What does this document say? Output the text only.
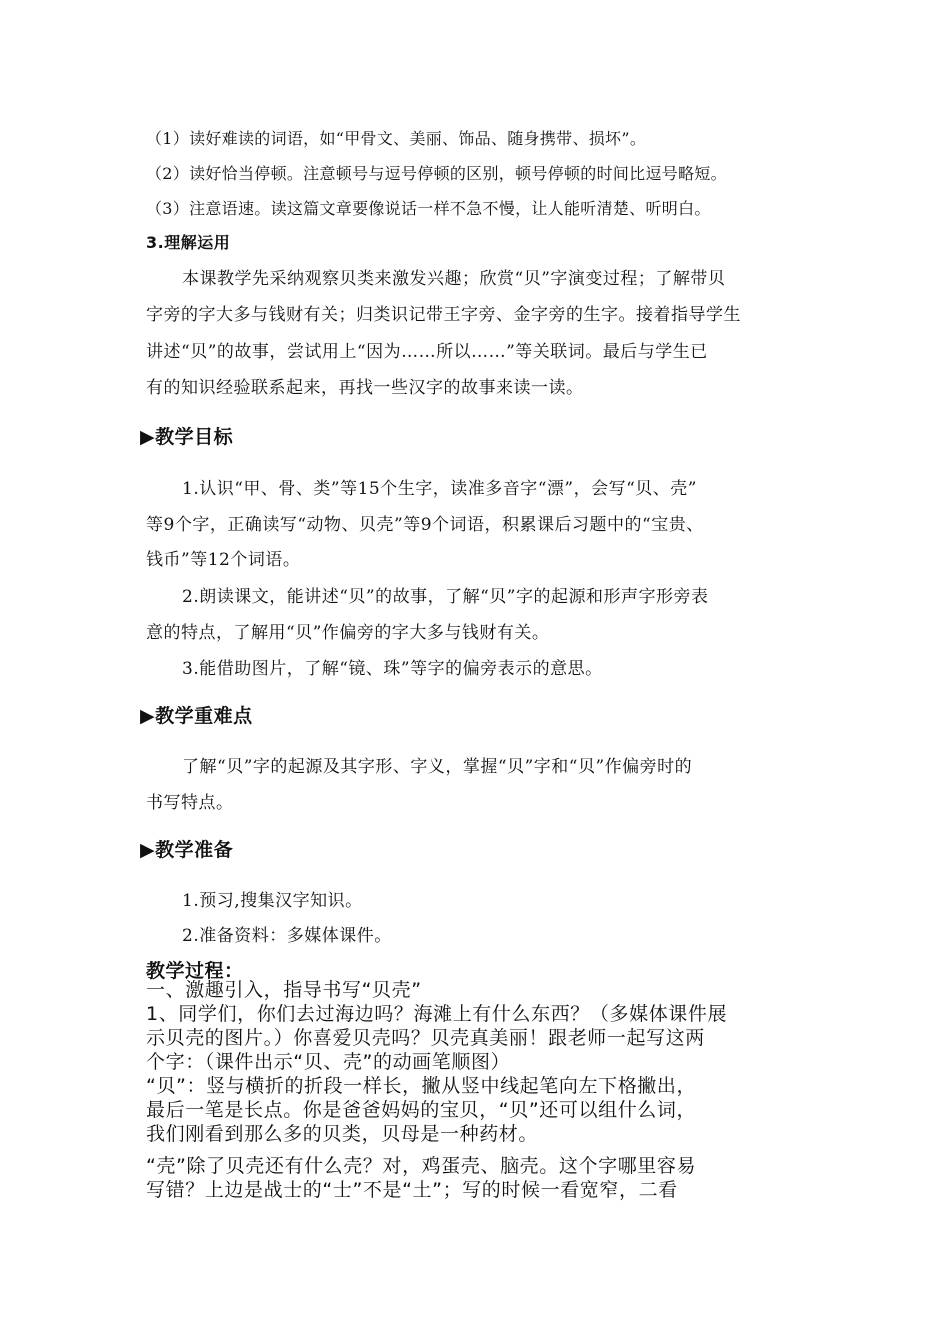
（1）读好难读的词语，如“甲骨文、美丽、饰品、随身携带、损坏”。
（2）读好恰当停顿。注意顿号与逗号停顿的区别，顿号停顿的时间比逗号略短。
（3）注意语速。读这篇文章要像说话一样不急不慢，让人能听清楚、听明白。
3.理解运用
本课教学先采纳观察贝类来激发兴趣；欣赏“贝”字演变过程；了解带贝
字旁的字大多与钱财有关；归类识记带王字旁、金字旁的生字。接着指导学生
讲述“贝”的故事，尝试用上“因为……所以……”等关联词。最后与学生已
有的知识经验联系起来，再找一些汉字的故事来读一读。
▶教学目标
1.认识“甲、骨、类”等15个生字，读准多音字“漂”，会写“贝、壳”
等9个字，正确读写“动物、贝壳”等9个词语，积累课后习题中的“宝贵、
钱币”等12个词语。
2.朗读课文，能讲述“贝”的故事，了解“贝”字的起源和形声字形旁表
意的特点，了解用“贝”作偏旁的字大多与钱财有关。
3.能借助图片，了解“镜、珠”等字的偏旁表示的意思。
▶教学重难点
了解“贝”字的起源及其字形、字义，掌握“贝”字和“贝”作偏旁时的
书写特点。
▶教学准备
1.预习,搜集汉字知识。
2.准备资料：多媒体课件。
教学过程：
一、激趣引入，指导书写“贝壳”
1、同学们，你们去过海边吗？海滩上有什么东西？（多媒体课件展
示贝壳的图片。）你喜爱贝壳吗？贝壳真美丽！跟老师一起写这两
个字：（课件出示“贝、壳”的动画笔顺图）
“贝”：竖与横折的折段一样长，撇从竖中线起笔向左下格撇出，
最后一笔是长点。你是爸爸妈妈的宝贝，“贝”还可以组什么词，
我们刚看到那么多的贝类，贝母是一种药材。
“壳”除了贝壳还有什么壳？对，鸡蛋壳、脑壳。这个字哪里容易
写错？上边是战士的“士”不是“土”；写的时候一看宽窄，二看
